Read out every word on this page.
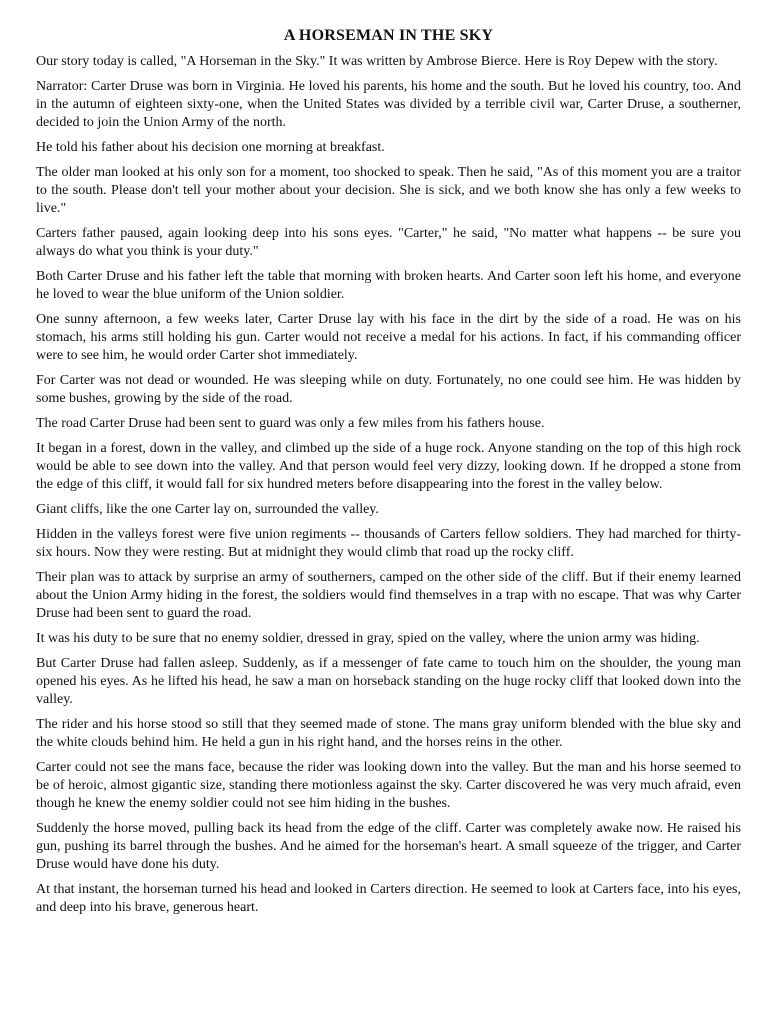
A HORSEMAN IN THE SKY

Our story today is called, "A Horseman in the Sky." It was written by Ambrose Bierce. Here is Roy Depew with the story.

Narrator: Carter Druse was born in Virginia. He loved his parents, his home and the south. But he loved his country, too. And in the autumn of eighteen sixty-one, when the United States was divided by a terrible civil war, Carter Druse, a southerner, decided to join the Union Army of the north.

He told his father about his decision one morning at breakfast.

The older man looked at his only son for a moment, too shocked to speak. Then he said, "As of this moment you are a traitor to the south. Please don't tell your mother about your decision. She is sick, and we both know she has only a few weeks to live."

Carters father paused, again looking deep into his sons eyes. "Carter," he said, "No matter what happens -- be sure you always do what you think is your duty."

Both Carter Druse and his father left the table that morning with broken hearts. And Carter soon left his home, and everyone he loved to wear the blue uniform of the Union soldier.

One sunny afternoon, a few weeks later, Carter Druse lay with his face in the dirt by the side of a road. He was on his stomach, his arms still holding his gun. Carter would not receive a medal for his actions. In fact, if his commanding officer were to see him, he would order Carter shot immediately.

For Carter was not dead or wounded. He was sleeping while on duty. Fortunately, no one could see him. He was hidden by some bushes, growing by the side of the road.

The road Carter Druse had been sent to guard was only a few miles from his fathers house.

It began in a forest, down in the valley, and climbed up the side of a huge rock. Anyone standing on the top of this high rock would be able to see down into the valley. And that person would feel very dizzy, looking down. If he dropped a stone from the edge of this cliff, it would fall for six hundred meters before disappearing into the forest in the valley below.

Giant cliffs, like the one Carter lay on, surrounded the valley.

Hidden in the valleys forest were five union regiments -- thousands of Carters fellow soldiers. They had marched for thirty-six hours. Now they were resting. But at midnight they would climb that road up the rocky cliff.

Their plan was to attack by surprise an army of southerners, camped on the other side of the cliff. But if their enemy learned about the Union Army hiding in the forest, the soldiers would find themselves in a trap with no escape. That was why Carter Druse had been sent to guard the road.

It was his duty to be sure that no enemy soldier, dressed in gray, spied on the valley, where the union army was hiding.

But Carter Druse had fallen asleep. Suddenly, as if a messenger of fate came to touch him on the shoulder, the young man opened his eyes. As he lifted his head, he saw a man on horseback standing on the huge rocky cliff that looked down into the valley.

The rider and his horse stood so still that they seemed made of stone. The mans gray uniform blended with the blue sky and the white clouds behind him. He held a gun in his right hand, and the horses reins in the other.

Carter could not see the mans face, because the rider was looking down into the valley. But the man and his horse seemed to be of heroic, almost gigantic size, standing there motionless against the sky. Carter discovered he was very much afraid, even though he knew the enemy soldier could not see him hiding in the bushes.

Suddenly the horse moved, pulling back its head from the edge of the cliff. Carter was completely awake now. He raised his gun, pushing its barrel through the bushes. And he aimed for the horseman's heart. A small squeeze of the trigger, and Carter Druse would have done his duty.

At that instant, the horseman turned his head and looked in Carters direction. He seemed to look at Carters face, into his eyes, and deep into his brave, generous heart.
